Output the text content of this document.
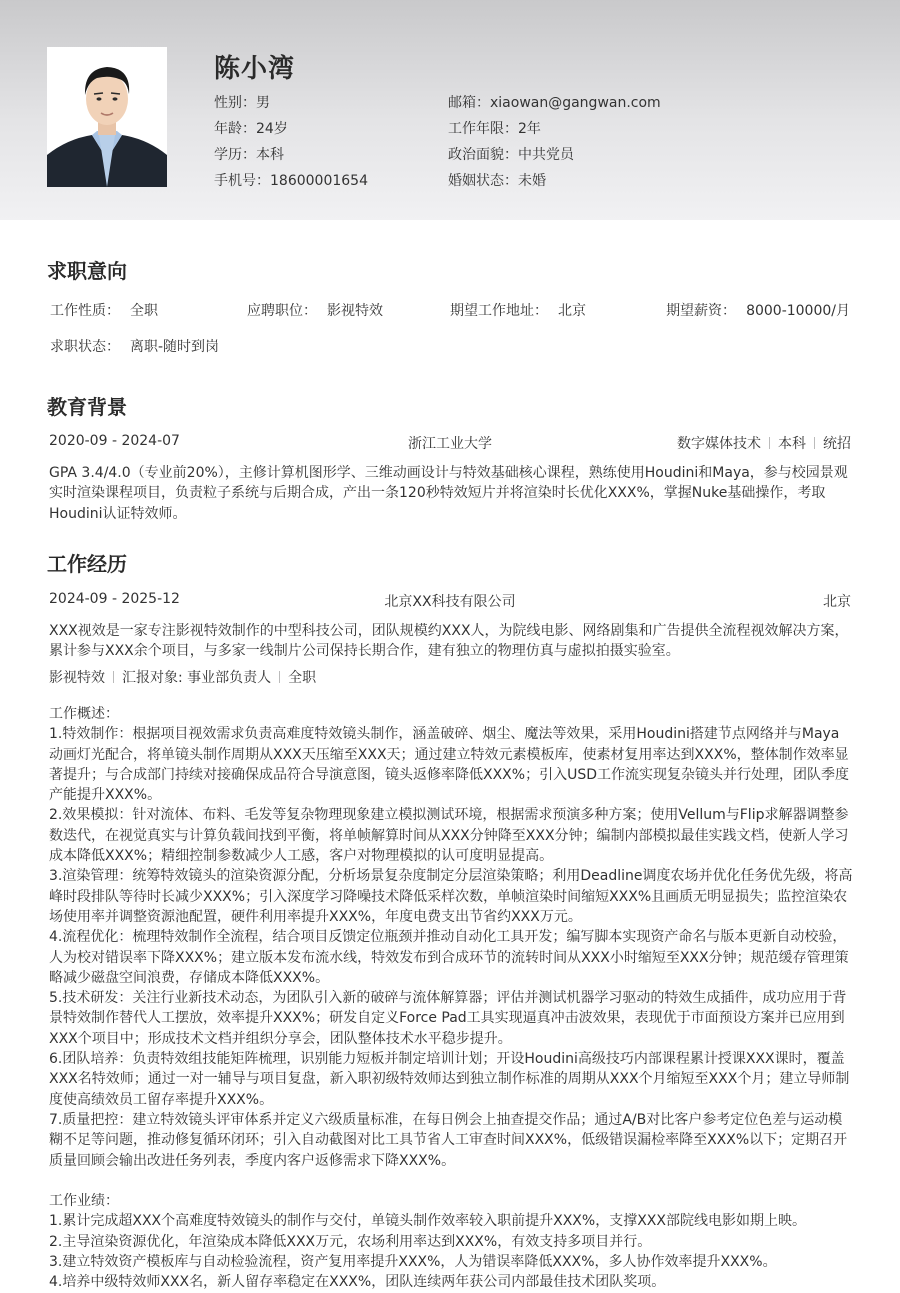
陈小湾
性别：男
年龄：24岁
学历：本科
手机号：18600001654
邮箱：xiaowan@gangwan.com
工作年限：2年
政治面貌：中共党员
婚姻状态：未婚
求职意向
工作性质： 全职	应聘职位： 影视特效	期望工作地址： 北京	期望薪资： 8000-10000/月
求职状态： 离职-随时到岗
教育背景
2020-09 - 2024-07	浙江工业大学	数字媒体技术 本科 统招
GPA 3.4/4.0（专业前20%），主修计算机图形学、三维动画设计与特效基础核心课程，熟练使用Houdini和Maya，参与校园景观实时渲染课程项目，负责粒子系统与后期合成，产出一条120秒特效短片并将渲染时长优化XXX%，掌握Nuke基础操作，考取Houdini认证特效师。
工作经历
2024-09 - 2025-12	北京XX科技有限公司	北京
XXX视效是一家专注影视特效制作的中型科技公司，团队规模约XXX人，为院线电影、网络剧集和广告提供全流程视效解决方案，累计参与XXX余个项目，与多家一线制片公司保持长期合作，建有独立的物理仿真与虚拟拍摄实验室。
影视特效 汇报对象: 事业部负责人 全职
工作概述：
1.特效制作：根据项目视效需求负责高难度特效镜头制作，涵盖破碎、烟尘、魔法等效果，采用Houdini搭建节点网络并与Maya动画灯光配合，将单镜头制作周期从XXX天压缩至XXX天；通过建立特效元素模板库，使素材复用率达到XXX%，整体制作效率显著提升；与合成部门持续对接确保成品符合导演意图，镜头返修率降低XXX%；引入USD工作流实现复杂镜头并行处理，团队季度产能提升XXX%。
2.效果模拟：针对流体、布料、毛发等复杂物理现象建立模拟测试环境，根据需求预演多种方案；使用Vellum与Flip求解器调整参数迭代，在视觉真实与计算负载间找到平衡，将单帧解算时间从XXX分钟降至XXX分钟；编制内部模拟最佳实践文档，使新人学习成本降低XXX%；精细控制参数减少人工感，客户对物理模拟的认可度明显提高。
3.渲染管理：统筹特效镜头的渲染资源分配，分析场景复杂度制定分层渲染策略；利用Deadline调度农场并优化任务优先级，将高峰时段排队等待时长减少XXX%；引入深度学习降噪技术降低采样次数，单帧渲染时间缩短XXX%且画质无明显损失；监控渲染农场使用率并调整资源池配置，硬件利用率提升XXX%，年度电费支出节省约XXX万元。
4.流程优化：梳理特效制作全流程，结合项目反馈定位瓶颈并推动自动化工具开发；编写脚本实现资产命名与版本更新自动校验，人为校对错误率下降XXX%；建立版本发布流水线，特效发布到合成环节的流转时间从XXX小时缩短至XXX分钟；规范缓存管理策略减少磁盘空间浪费，存储成本降低XXX%。
5.技术研发：关注行业新技术动态，为团队引入新的破碎与流体解算器；评估并测试机器学习驱动的特效生成插件，成功应用于背景特效制作替代人工摆放，效率提升XXX%；研发自定义Force Pad工具实现逼真冲击波效果，表现优于市面预设方案并已应用到XXX个项目中；形成技术文档并组织分享会，团队整体技术水平稳步提升。
6.团队培养：负责特效组技能矩阵梳理，识别能力短板并制定培训计划；开设Houdini高级技巧内部课程累计授课XXX课时，覆盖XXX名特效师；通过一对一辅导与项目复盘，新入职初级特效师达到独立制作标准的周期从XXX个月缩短至XXX个月；建立导师制度使高绩效员工留存率提升XXX%。
7.质量把控：建立特效镜头评审体系并定义六级质量标准，在每日例会上抽查提交作品；通过A/B对比客户参考定位色差与运动模糊不足等问题，推动修复循环闭环；引入自动截图对比工具节省人工审查时间XXX%，低级错误漏检率降至XXX%以下；定期召开质量回顾会输出改进任务列表，季度内客户返修需求下降XXX%。
工作业绩：
1.累计完成超XXX个高难度特效镜头的制作与交付，单镜头制作效率较入职前提升XXX%，支撑XXX部院线电影如期上映。
2.主导渲染资源优化，年渲染成本降低XXX万元，农场利用率达到XXX%，有效支持多项目并行。
3.建立特效资产模板库与自动检验流程，资产复用率提升XXX%，人为错误率降低XXX%，多人协作效率提升XXX%。
4.培养中级特效师XXX名，新人留存率稳定在XXX%，团队连续两年获公司内部最佳技术团队奖项。
